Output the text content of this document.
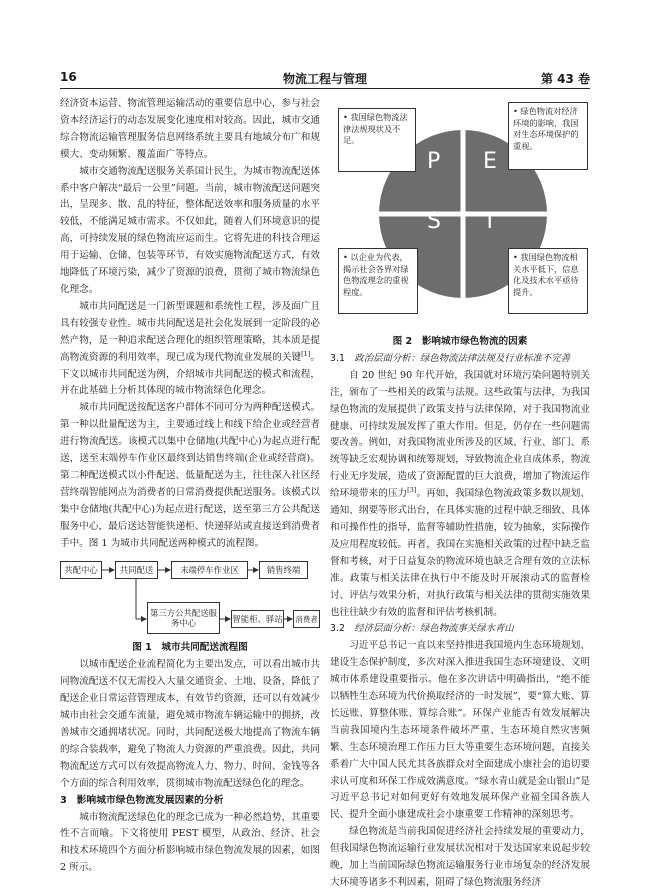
16	物流工程与管理	第 43 卷

经济资本运营、物流管理运输活动的重要信息中心，参与社会资本经济运行的动态发展变化速度相对较高。因此，城市交通综合物流运输管理服务信息网络系统主要具有地域分布广和规模大、变动频繁、覆盖面广等特点。

城市交通物流配送服务关系国计民生，为城市物流配送体系中客户解决“最后一公里”问题。当前，城市物流配送问题突出，呈现多、散、乱的特征，整体配送效率和服务质量的水平较低，不能满足城市需求。不仅如此，随着人们环境意识的提高，可持续发展的绿色物流应运而生。它将先进的科技合理运用于运输、仓储、包装等环节，有效实施物流配送方式，有效地降低了环境污染，减少了资源的浪费，贯彻了城市物流绿色化理念。

城市共同配送是一门新型课题和系统性工程，涉及面广且具有较强专业性。城市共同配送是社会化发展到一定阶段的必然产物，是一种追求配送合理化的组织管理策略，其本质是提高物流资源的利用效率，现已成为现代物流业发展的关键[1]。下文以城市共同配送为例，介绍城市共同配送的模式和流程，并在此基础上分析其体现的城市物流绿色化理念。

城市共同配送按配送客户群体不同可分为两种配送模式。第一种以批量配送为主，主要通过线上和线下给企业或经营者进行物流配送。该模式以集中仓储地(共配中心)为起点进行配送，送至末端停车作业区最终到达销售终端(企业或经营商)。第二种配送模式以小件配送、低量配送为主，往往深入社区经营终端智能网点为消费者的日常消费提供配送服务。该模式以集中仓储地(共配中心)为起点进行配送，送至第三方公共配送服务中心，最后送达智能快递柜、快递驿站或直接送到消费者手中。图 1 为城市共同配送两种模式的流程图。

共配中心	共同配送	末端停车作业区	销售终端
第三方公共配送服务中心	智能柜、驿站	消费者

图 1　城市共同配送流程图

以城市配送企业流程简化为主要出发点，可以看出城市共同物流配送不仅无需投入大量交通资金、土地、设备，降低了配送企业日常运营管理成本，有效节约资源，还可以有效减少城市由社会交通车流量，避免城市物流车辆运输中的拥挤，改善城市交通拥堵状况。同时，共同配送极大地提高了物流车辆的综合装载率，避免了物流人力资源的严重浪费。因此，共同物流配送方式可以有效提高物流人力、物力、时间、金钱等各个方面的综合利用效率，贯彻城市物流配送绿色化的理念。

3　影响城市绿色物流发展因素的分析

城市物流配送绿色化的理念已成为一种必然趋势，其重要性不言而喻。下文将使用 PEST 模型，从政治、经济、社会和技术环境四个方面分析影响城市绿色物流发展的因素，如图 2 所示。

P E
S T
• 我国绿色物流法律法规现状及不足。
• 绿色物流对经济环境的影响，我国对生态环境保护的重视。
• 以企业为代表，揭示社会各界对绿色物流理念的重视程度。
• 我国绿色物流相关水平低下，信息化及技术水平亟待提升。

图 2　影响城市绿色物流的因素

3.1　 政治层面分析：绿色物流法律法规及行业标准不完善

自 20 世纪 90 年代开始，我国就对环境污染问题特别关注，颁布了一些相关的政策与法规。这些政策与法律，为我国绿色物流的发展提供了政策支持与法律保障，对于我国物流业健康、可持续发展发挥了重大作用。但是，仍存在一些问题需要改善。例如，对我国物流业所涉及的区域、行业、部门、系统等缺乏宏观协调和统筹规划，导致物流企业自成体系，物流行业无序发展，造成了资源配置的巨大浪费，增加了物流运作给环境带来的压力[3]。再如，我国绿色物流政策多数以规划、通知、纲要等形式出台，在具体实施的过程中缺乏细致、具体和可操作性的指导，监督等辅助性措施，较为抽象，实际操作及应用程度较低。再者，我国在实施相关政策的过程中缺乏监督和考核，对于日益复杂的物流环境也缺乏合理有效的立法标准。政策与相关法律在执行中不能及时开展滚动式的监督检讨、评估与效果分析，对执行政策与相关法律的贯彻实施效果也往往缺少有效的监督和评估考核机制。

3.2　 经济层面分析：绿色物流事关绿水青山

习近平总书记一直以来坚持推进我国境内生态环境规划、建设生态保护制度，多次对深入推进我国生态环境建设、文明城市体系建设重要指示。他在多次讲话中明确指出，“绝不能以牺牲生态环境为代价换取经济的一时发展”，要“算大账、算长远账、算整体账、算综合账”。环保产业能否有效发展解决当前我国境内生态环境条件破坏严重、生态环境自然灾害频繁、生态环境治理工作压力巨大等重要生态环境问题，直接关系着广大中国人民尤其各族群众对全面建成小康社会的追切要求认可度和环保工作成效满意度。“绿水青山就是金山银山”是习近平总书记对如何更好有效地发展环保产业福全国各族人民、提升全面小康建成社会小康重要工作精神的深刻思考。

绿色物流是当前我国促进经济社会持续发展的重要动力，但我国绿色物流运输行业发展状况相对于发达国家来说起步较晚，加上当前国际绿色物流运输服务行业市场复杂的经济发展大环境等诸多不利因素，阻碍了绿色物流服务经济
